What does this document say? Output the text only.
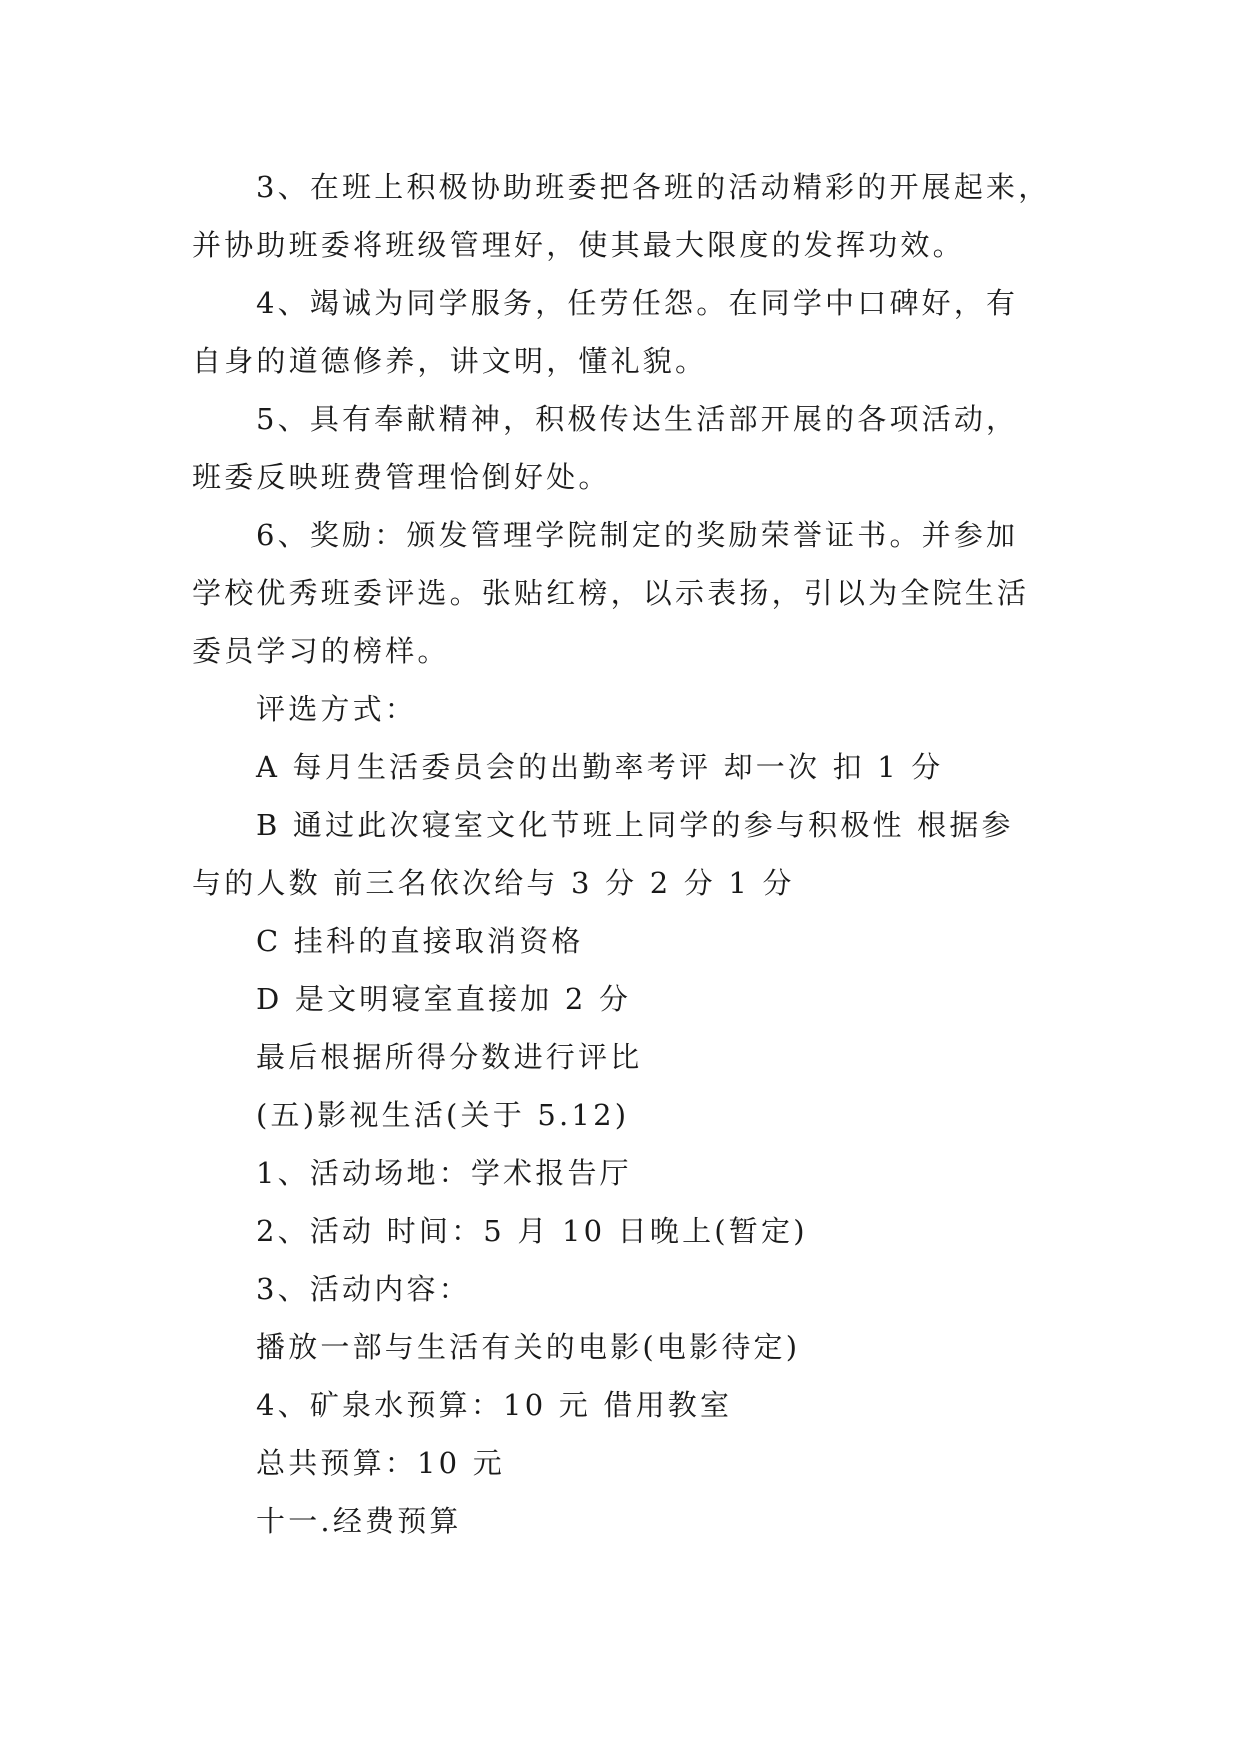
3、在班上积极协助班委把各班的活动精彩的开展起来，
并协助班委将班级管理好，使其最大限度的发挥功效。
4、竭诚为同学服务，任劳任怨。在同学中口碑好，有
自身的道德修养，讲文明，懂礼貌。
5、具有奉献精神，积极传达生活部开展的各项活动，
班委反映班费管理恰倒好处。
6、奖励：颁发管理学院制定的奖励荣誉证书。并参加
学校优秀班委评选。张贴红榜，以示表扬，引以为全院生活
委员学习的榜样。
评选方式：
A 每月生活委员会的出勤率考评 却一次 扣 1 分
B 通过此次寝室文化节班上同学的参与积极性 根据参
与的人数 前三名依次给与 3 分 2 分 1 分
C 挂科的直接取消资格
D 是文明寝室直接加 2 分
最后根据所得分数进行评比
(五)影视生活(关于 5.12)
1、活动场地：学术报告厅
2、活动 时间：5 月 10 日晚上(暂定)
3、活动内容：
播放一部与生活有关的电影(电影待定)
4、矿泉水预算：10 元 借用教室
总共预算：10 元
十一.经费预算
